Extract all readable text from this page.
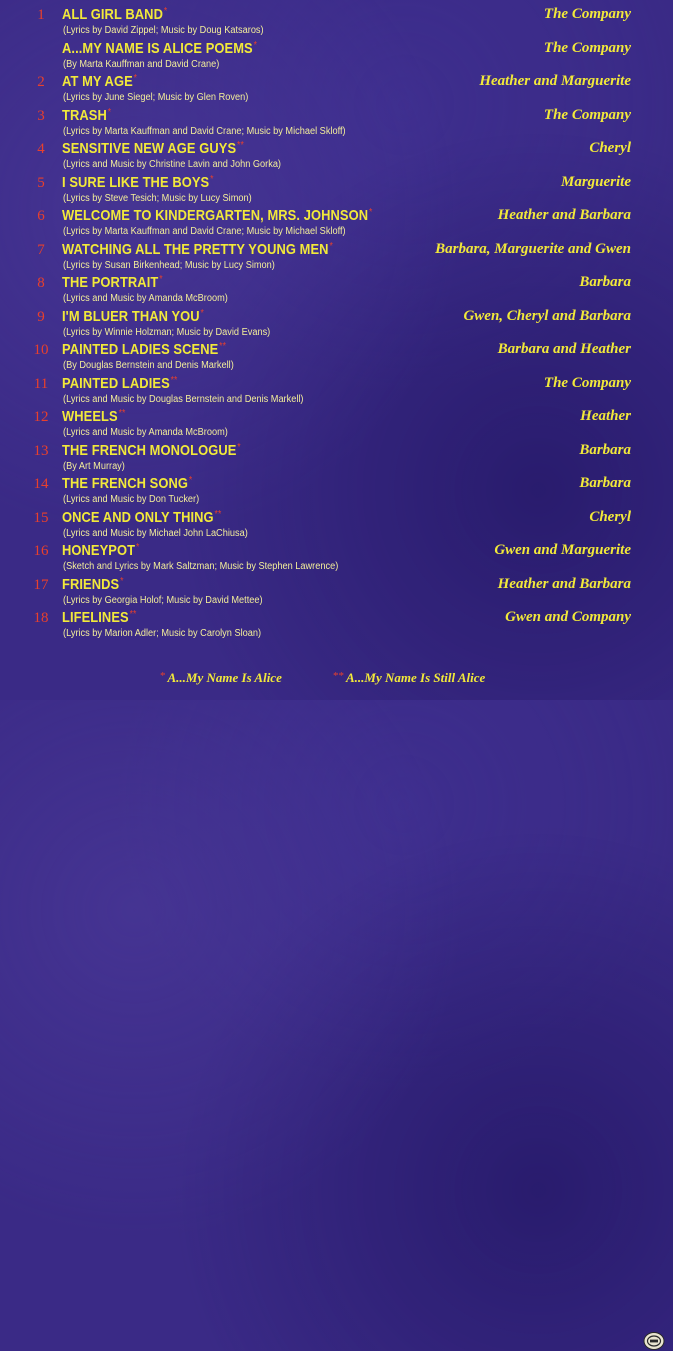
1	ALL GIRL BAND*
(Lyrics by David Zippel; Music by Doug Katsaros)
The Company
A...MY NAME IS ALICE POEMS*
(By Marta Kauffman and David Crane)
The Company
2	AT MY AGE*
(Lyrics by June Siegel; Music by Glen Roven)
Heather and Marguerite
3	TRASH*
(Lyrics by Marta Kauffman and David Crane; Music by Michael Skloff)
The Company
4	SENSITIVE NEW AGE GUYS**
(Lyrics and Music by Christine Lavin and John Gorka)
Cheryl
5	I SURE LIKE THE BOYS*
(Lyrics by Steve Tesich; Music by Lucy Simon)
Marguerite
6	WELCOME TO KINDERGARTEN, MRS. JOHNSON*
(Lyrics by Marta Kauffman and David Crane; Music by Michael Skloff)
Heather and Barbara
7	WATCHING ALL THE PRETTY YOUNG MEN*
(Lyrics by Susan Birkenhead; Music by Lucy Simon)
Barbara, Marguerite and Gwen
8	THE PORTRAIT*
(Lyrics and Music by Amanda McBroom)
Barbara
9	I'M BLUER THAN YOU*
(Lyrics by Winnie Holzman; Music by David Evans)
Gwen, Cheryl and Barbara
10 PAINTED LADIES SCENE**
(By Douglas Bernstein and Denis Markell)
Barbara and Heather
11 PAINTED LADIES**
(Lyrics and Music by Douglas Bernstein and Denis Markell)
The Company
12 WHEELS**
(Lyrics and Music by Amanda McBroom)
Heather
13 THE FRENCH MONOLOGUE*
(By Art Murray)
Barbara
14 THE FRENCH SONG*
(Lyrics and Music by Don Tucker)
Barbara
15 ONCE AND ONLY THING**
(Lyrics and Music by Michael John LaChiusa)
Cheryl
16 HONEYPOT*
(Sketch and Lyrics by Mark Saltzman; Music by Stephen Lawrence)
Gwen and Marguerite
17 FRIENDS*
(Lyrics by Georgia Holof; Music by David Mettee)
Heather and Barbara
18 LIFELINES**
(Lyrics by Marion Adler; Music by Carolyn Sloan)
Gwen and Company
* A...My Name Is Alice	** A...My Name Is Still Alice
